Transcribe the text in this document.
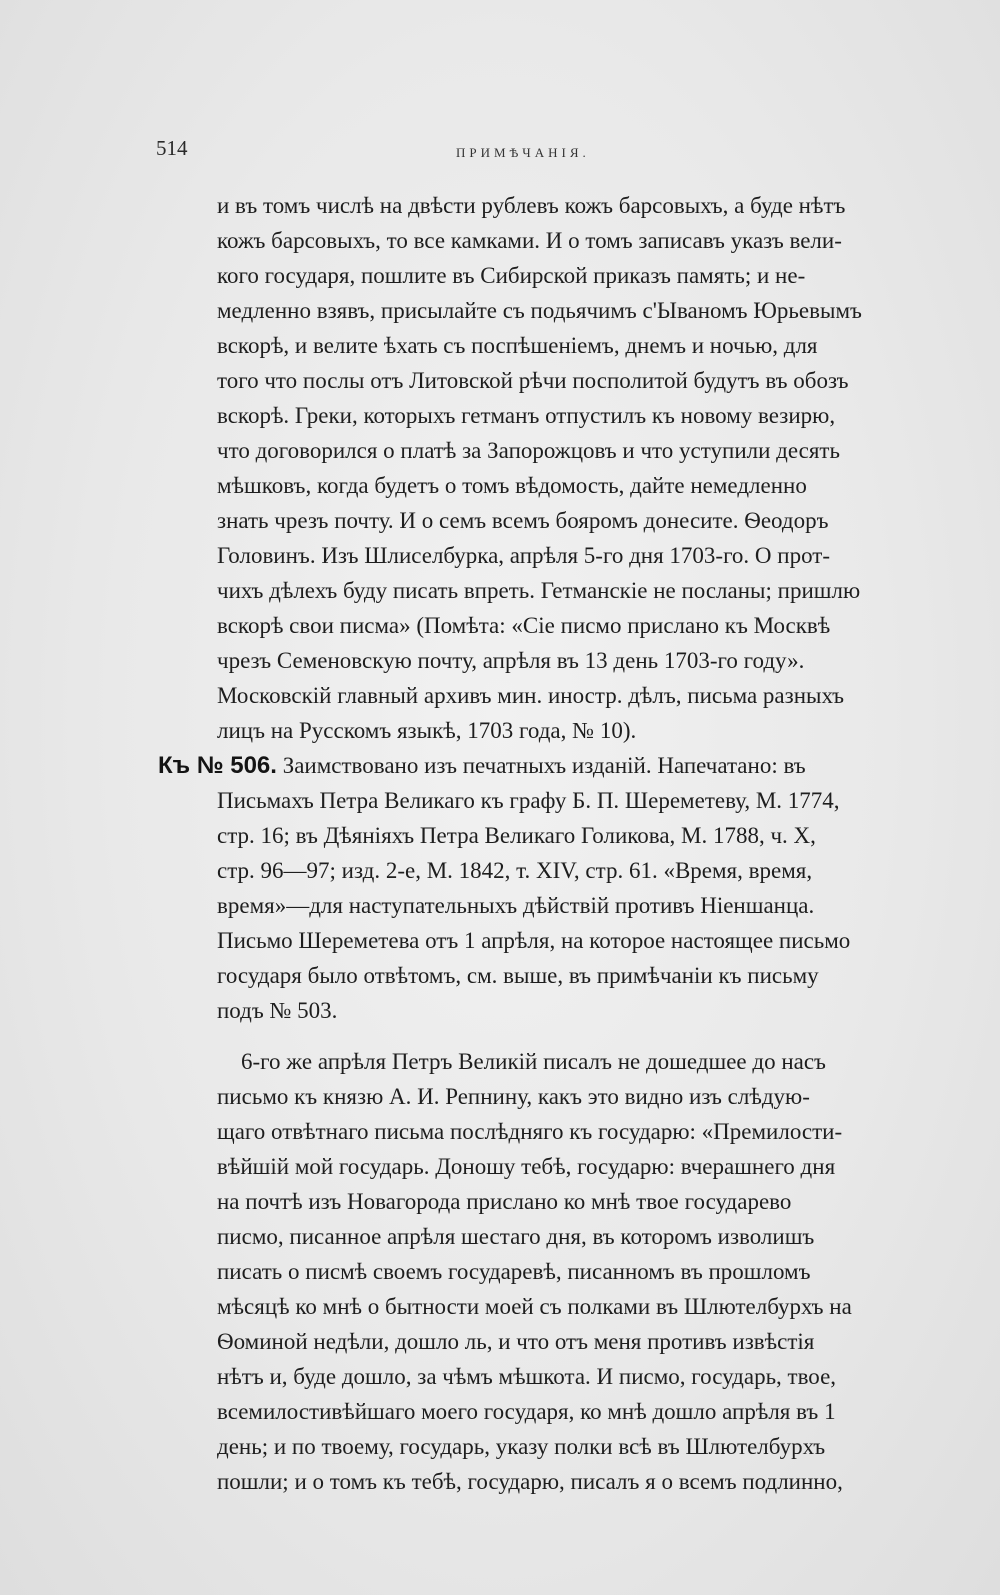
514	ПРИМѢЧАНІЯ.
и въ томъ числѣ на двѣсти рублевъ кожъ барсовыхъ, а буде нѣтъ
кожъ барсовыхъ, то все камками. И о томъ записавъ указъ вели-
кого государя, пошлите въ Сибирской приказъ память; и не-
медленно взявъ, присылайте съ подьячимъ с'Ываномъ Юрьевымъ
вскорѣ, и велите ѣхать съ поспѣшеніемъ, днемъ и ночью, для
того что послы отъ Литовской рѣчи посполитой будутъ въ обозъ
вскорѣ. Греки, которыхъ гетманъ отпустилъ къ новому везирю,
что договорился о платѣ за Запорожцовъ и что уступили десять
мѣшковъ, когда будетъ о томъ вѣдомость, дайте немедленно
знать чрезъ почту. И о семъ всемъ бояромъ донесите. Ѳеодоръ
Головинъ. Изъ Шлиселбурка, апрѣля 5-го дня 1703-го. О прот-
чихъ дѣлехъ буду писать впреть. Гетманскіе не посланы; пришлю
вскорѣ свои писма» (Помѣта: «Сіе писмо прислано къ Москвѣ
чрезъ Семеновскую почту, апрѣля въ 13 день 1703-го году».
Московскій главный архивъ мин. иностр. дѣлъ, письма разныхъ
лицъ на Русскомъ языкѣ, 1703 года, № 10).
Къ № 506. Заимствовано изъ печатныхъ изданій. Напечатано: въ
Письмахъ Петра Великаго къ графу Б. П. Шереметеву, М. 1774,
стр. 16; въ Дѣяніяхъ Петра Великаго Голикова, М. 1788, ч. X,
стр. 96—97; изд. 2-е, М. 1842, т. XIV, стр. 61. «Время, время,
время»—для наступательныхъ дѣйствій противъ Ніеншанца.
Письмо Шереметева отъ 1 апрѣля, на которое настоящее письмо
государя было отвѣтомъ, см. выше, въ примѣчаніи къ письму
подъ № 503.
6-го же апрѣля Петръ Великій писалъ не дошедшее до насъ
письмо къ князю А. И. Репнину, какъ это видно изъ слѣдую-
щаго отвѣтнаго письма послѣдняго къ государю: «Премилости-
вѣйшій мой государь. Доношу тебѣ, государю: вчерашнего дня
на почтѣ изъ Новагорода прислано ко мнѣ твое государево
писмо, писанное апрѣля шестаго дня, въ которомъ изволишъ
писать о писмѣ своемъ государевѣ, писанномъ въ прошломъ
мѣсяцѣ ко мнѣ о бытности моей съ полками въ Шлютелбурхъ на
Ѳоминой недѣли, дошло ль, и что отъ меня противъ извѣстія
нѣтъ и, буде дошло, за чѣмъ мѣшкота. И писмо, государь, твое,
всемилостивѣйшаго моего государя, ко мнѣ дошло апрѣля въ 1
день; и по твоему, государь, указу полки всѣ въ Шлютелбурхъ
пошли; и о томъ къ тебѣ, государю, писалъ я о всемъ подлинно,
